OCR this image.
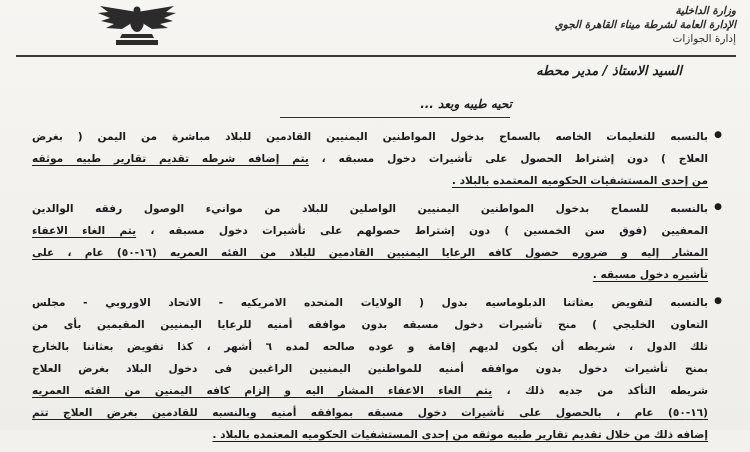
وزارة الداخلية
الإدارة العامة لشرطة ميناء القاهرة الجوي
إدارة الجوازات
السيد الاستاذ / مدير محطه
تحيه طيبه وبعد ...
●
بالنسبه للتعليمات الخاصه بالسماح بدخول المواطنين اليمنيين القادمين للبلاد مباشرة من اليمن ( بغرض
العلاج ) دون إشتراط الحصول على تأشيرات دخول مسبقه ، يتم إضافه شرطه تقديم تقارير طبيه موثقه
من إحدى المستشفيات الحكوميه المعتمده بالبلاد .
●
بالنسبه للسماح بدخول المواطنين اليمنيين الواصلين للبلاد من موانيء الوصول رفقه الوالدين
المعفيين (فوق سن الخمسين ) دون إشتراط حصولهم على تأشيرات دخول مسبقه ، يتم الغاء الاعفاء
المشار إليه و ضروره حصول كافه الرعايا اليمنيين القادمين للبلاد من الفئه العمريه (١٦-٥٠) عام ، على
تأشيره دخول مسبقه .
●
بالنسبه لتفويض بعثاتنا الدبلوماسيه بدول ( الولايات المتحده الامريكيه - الاتحاد الاوروبي - مجلس
التعاون الخليجي ) منح تأشيرات دخول مسبقه بدون موافقه أمنيه للرعايا اليمنيين المقيمين بأى من
تلك الدول ، شريطه أن يكون لديهم إقامة و عوده صالحه لمده ٦ أشهر ، كذا تفويض بعثاتنا بالخارج
بمنح تأشيرات دخول بدون موافقه أمنيه للمواطنين اليمنيين الراغبين فى دخول البلاد بغرض العلاج
شريطه التأكد من جديه ذلك ، يتم الغاء الاعفاء المشار اليه و إلزام كافه اليمنين من الفئه العمريه
(١٦-٥٠) عام ، بالحصول على تأشيرات دخول مسبقه بموافقه أمنيه وبالنسبه للقادمين بغرض العلاج تتم
إضافه ذلك من خلال تقديم تقارير طبيه موثقه من إحدى المستشفيات الحكوميه المعتمده بالبلاد .
